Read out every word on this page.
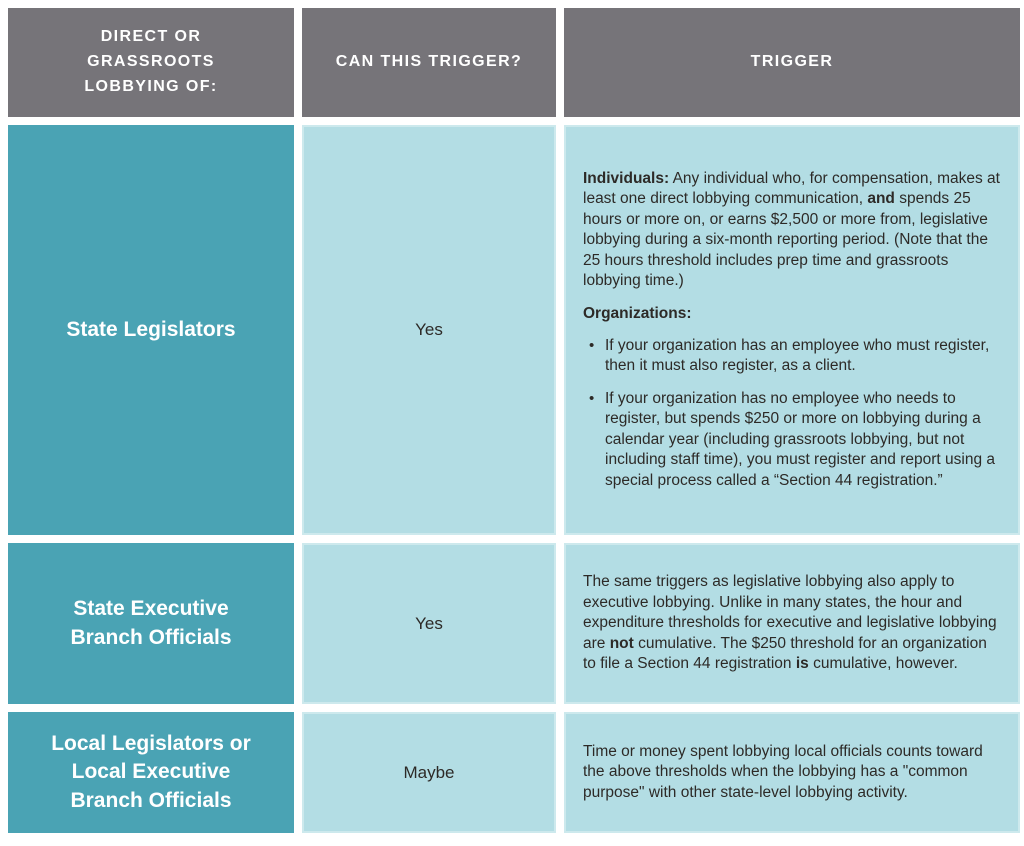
DIRECT OR GRASSROOTS LOBBYING OF:
CAN THIS TRIGGER?	TRIGGER
State Legislators	Yes

Individuals: Any individual who, for compensation, makes at least one direct lobbying communication, and spends 25 hours or more on, or earns $2,500 or more from, legislative lobbying during a six-month reporting period. (Note that the 25 hours threshold includes prep time and grassroots lobbying time.)

Organizations:

• If your organization has an employee who must register, then it must also register, as a client.
• If your organization has no employee who needs to register, but spends $250 or more on lobbying during a calendar year (including grassroots lobbying, but not including staff time), you must register and report using a special process called a “Section 44 registration.”
State Executive Branch Officials
Yes

The same triggers as legislative lobbying also apply to executive lobbying. Unlike in many states, the hour and expenditure thresholds for executive and legislative lobbying are not cumulative. The $250 threshold for an organization to file a Section 44 registration is cumulative, however.

Local Legislators or Local Executive Branch Officials
Maybe

Time or money spent lobbying local officials counts toward the above thresholds when the lobbying has a "common purpose" with other state-level lobbying activity.
